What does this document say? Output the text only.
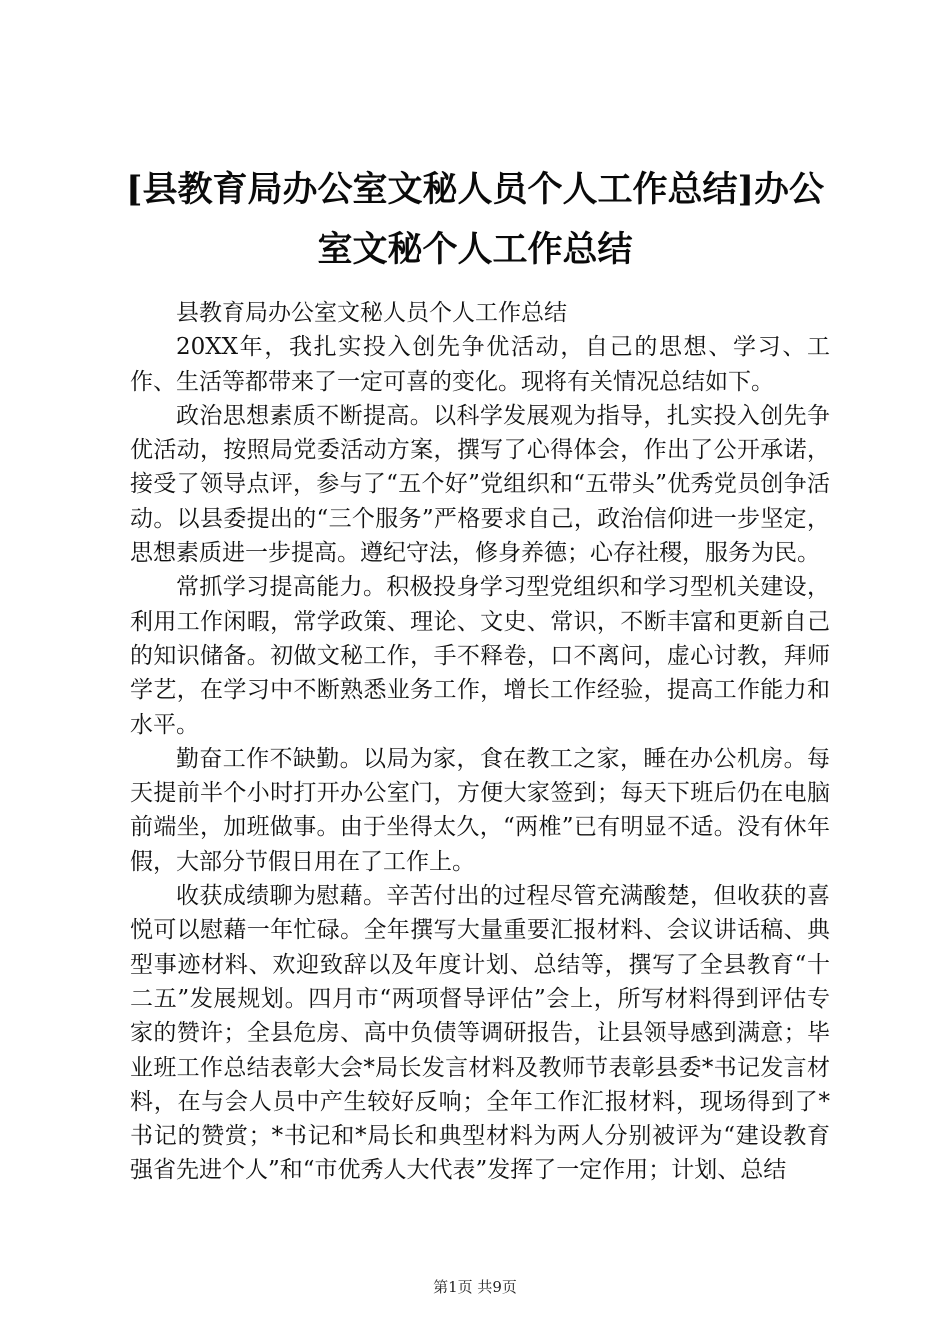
[县教育局办公室文秘人员个人工作总结]办公室文秘个人工作总结

县教育局办公室文秘人员个人工作总结

20XX年，我扎实投入创先争优活动，自己的思想、学习、工作、生活等都带来了一定可喜的变化。现将有关情况总结如下。

政治思想素质不断提高。以科学发展观为指导，扎实投入创先争优活动，按照局党委活动方案，撰写了心得体会，作出了公开承诺，接受了领导点评，参与了“五个好”党组织和“五带头”优秀党员创争活动。以县委提出的“三个服务”严格要求自己，政治信仰进一步坚定，思想素质进一步提高。遵纪守法，修身养德；心存社稷，服务为民。

常抓学习提高能力。积极投身学习型党组织和学习型机关建设，利用工作闲暇，常学政策、理论、文史、常识，不断丰富和更新自己的知识储备。初做文秘工作，手不释卷，口不离问，虚心讨教，拜师学艺，在学习中不断熟悉业务工作，增长工作经验，提高工作能力和水平。

勤奋工作不缺勤。以局为家，食在教工之家，睡在办公机房。每天提前半个小时打开办公室门，方便大家签到；每天下班后仍在电脑前端坐，加班做事。由于坐得太久，“两椎”已有明显不适。没有休年假，大部分节假日用在了工作上。

收获成绩聊为慰藉。辛苦付出的过程尽管充满酸楚，但收获的喜悦可以慰藉一年忙碌。全年撰写大量重要汇报材料、会议讲话稿、典型事迹材料、欢迎致辞以及年度计划、总结等，撰写了全县教育“十二五”发展规划。四月市“两项督导评估”会上，所写材料得到评估专家的赞许；全县危房、高中负债等调研报告，让县领导感到满意；毕业班工作总结表彰大会*局长发言材料及教师节表彰县委*书记发言材料，在与会人员中产生较好反响；全年工作汇报材料，现场得到了*书记的赞赏；*书记和*局长和典型材料为两人分别被评为“建设教育强省先进个人”和“市优秀人大代表”发挥了一定作用；计划、总结

第1页 共9页
